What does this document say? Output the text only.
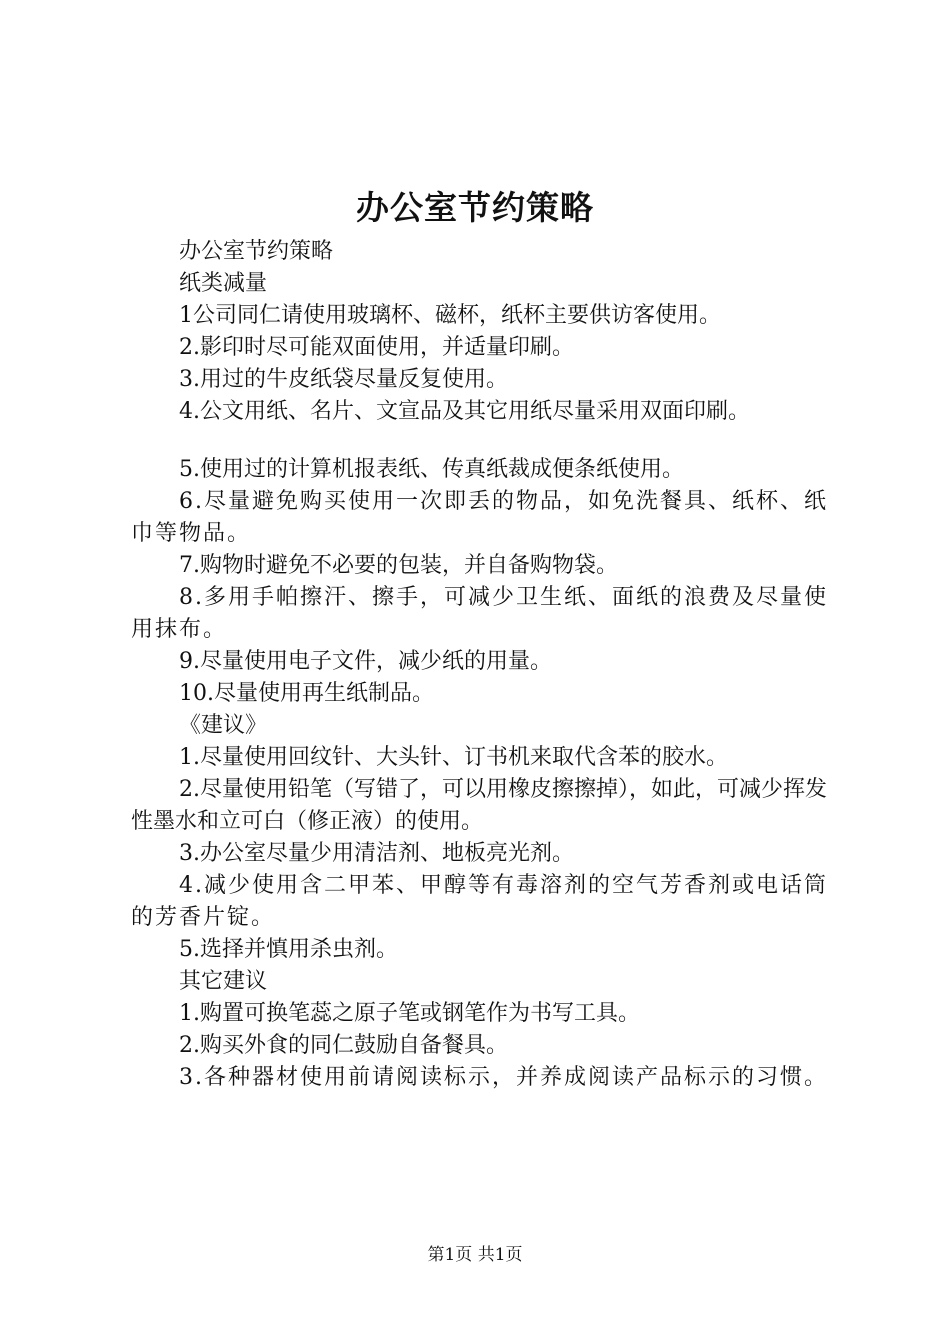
办公室节约策略

办公室节约策略

纸类减量

1公司同仁请使用玻璃杯、磁杯，纸杯主要供访客使用。

2.影印时尽可能双面使用，并适量印刷。

3.用过的牛皮纸袋尽量反复使用。

4.公文用纸、名片、文宣品及其它用纸尽量采用双面印刷。

5.使用过的计算机报表纸、传真纸裁成便条纸使用。

6.尽量避免购买使用一次即丢的物品，如免洗餐具、纸杯、纸巾等物品。

7.购物时避免不必要的包装，并自备购物袋。

8.多用手帕擦汗、擦手，可减少卫生纸、面纸的浪费及尽量使用抹布。

9.尽量使用电子文件，减少纸的用量。

10.尽量使用再生纸制品。

《建议》

1.尽量使用回纹针、大头针、订书机来取代含苯的胶水。

2.尽量使用铅笔（写错了，可以用橡皮擦擦掉），如此，可减少挥发性墨水和立可白（修正液）的使用。

3.办公室尽量少用清洁剂、地板亮光剂。

4.减少使用含二甲苯、甲醇等有毒溶剂的空气芳香剂或电话筒的芳香片锭。

5.选择并慎用杀虫剂。

其它建议

1.购置可换笔蕊之原子笔或钢笔作为书写工具。

2.购买外食的同仁鼓励自备餐具。

3.各种器材使用前请阅读标示，并养成阅读产品标示的习惯。

第1页 共1页
